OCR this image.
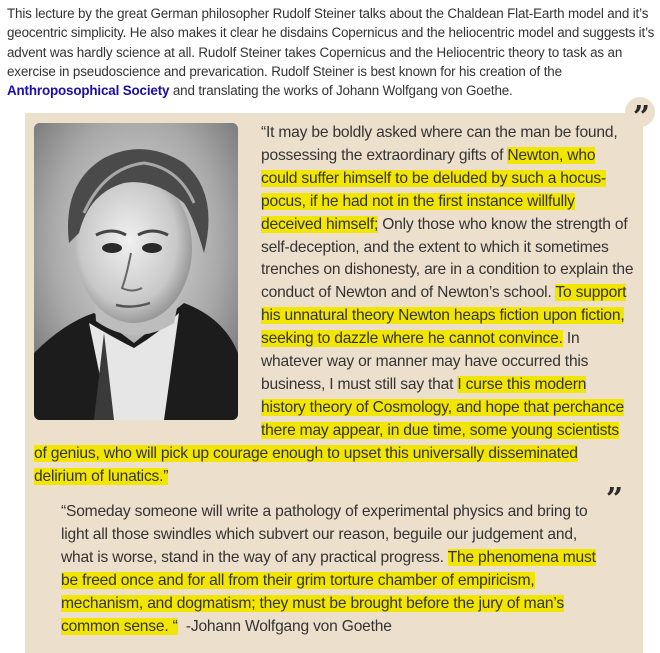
This lecture by the great German philosopher Rudolf Steiner talks about the Chaldean Flat-Earth model and it’s geocentric simplicity. He also makes it clear he disdains Copernicus and the heliocentric model and suggests it’s advent was hardly science at all. Rudolf Steiner takes Copernicus and the Heliocentric theory to task as an exercise in pseudoscience and prevarication. Rudolf Steiner is best known for his creation of the Anthroposophical Society and translating the works of Johann Wolfgang von Goethe.
”
“It may be boldly asked where can the man be found, possessing the extraordinary gifts of Newton, who could suffer himself to be deluded by such a hocus-pocus, if he had not in the first instance willfully deceived himself; Only those who know the strength of self-deception, and the extent to which it sometimes trenches on dishonesty, are in a condition to explain the conduct of Newton and of Newton’s school. To support his unnatural theory Newton heaps fiction upon fiction, seeking to dazzle where he cannot convince. In whatever way or manner may have occurred this business, I must still say that I curse this modern history theory of Cosmology, and hope that perchance there may appear, in due time, some young scientists of genius, who will pick up courage enough to upset this universally disseminated delirium of lunatics.”
”
“Someday someone will write a pathology of experimental physics and bring to light all those swindles which subvert our reason, beguile our judgement and, what is worse, stand in the way of any practical progress. The phenomena must be freed once and for all from their grim torture chamber of empiricism, mechanism, and dogmatism; they must be brought before the jury of man’s common sense. “  -Johann Wolfgang von Goethe
